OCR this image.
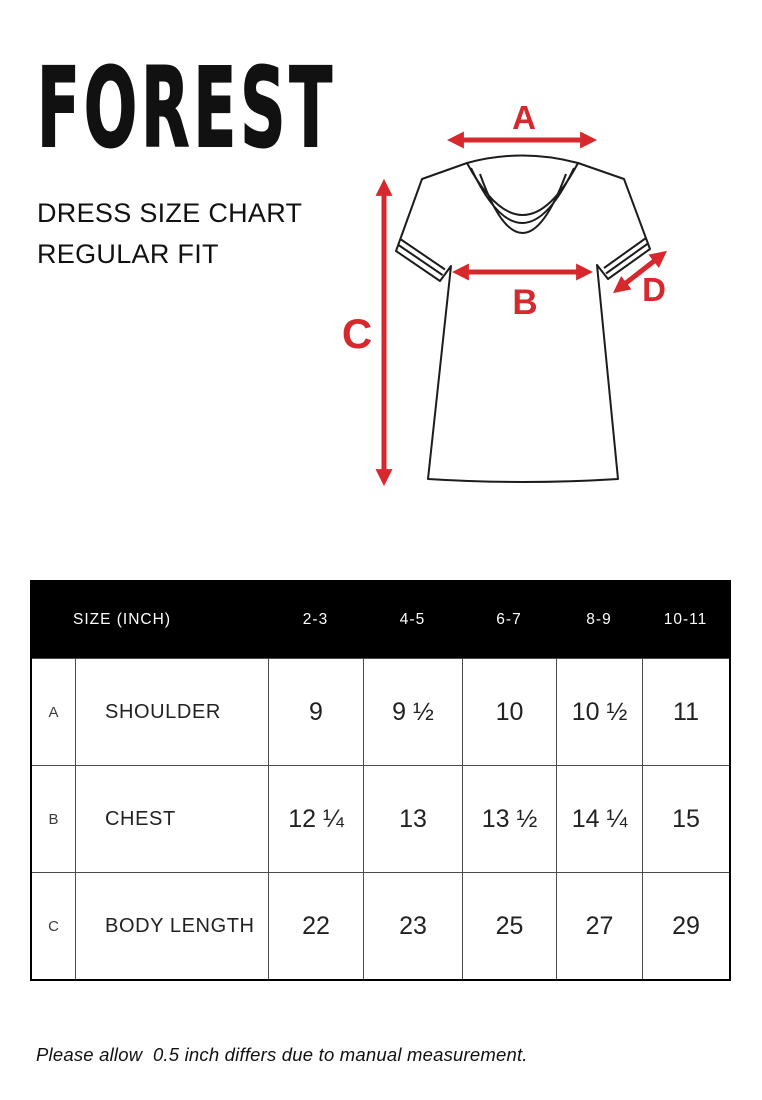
FOREST
DRESS SIZE CHART
REGULAR FIT
A
B
C
D
SIZE (INCH)	2-3	4-5	6-7	8-9	10-11
A	SHOULDER	9	9 ½	10	10 ½	11
B	CHEST	12 ¼	13	13 ½	14 ¼	15
C	BODY LENGTH	22	23	25	27	29
Please allow  0.5 inch differs due to manual measurement.
